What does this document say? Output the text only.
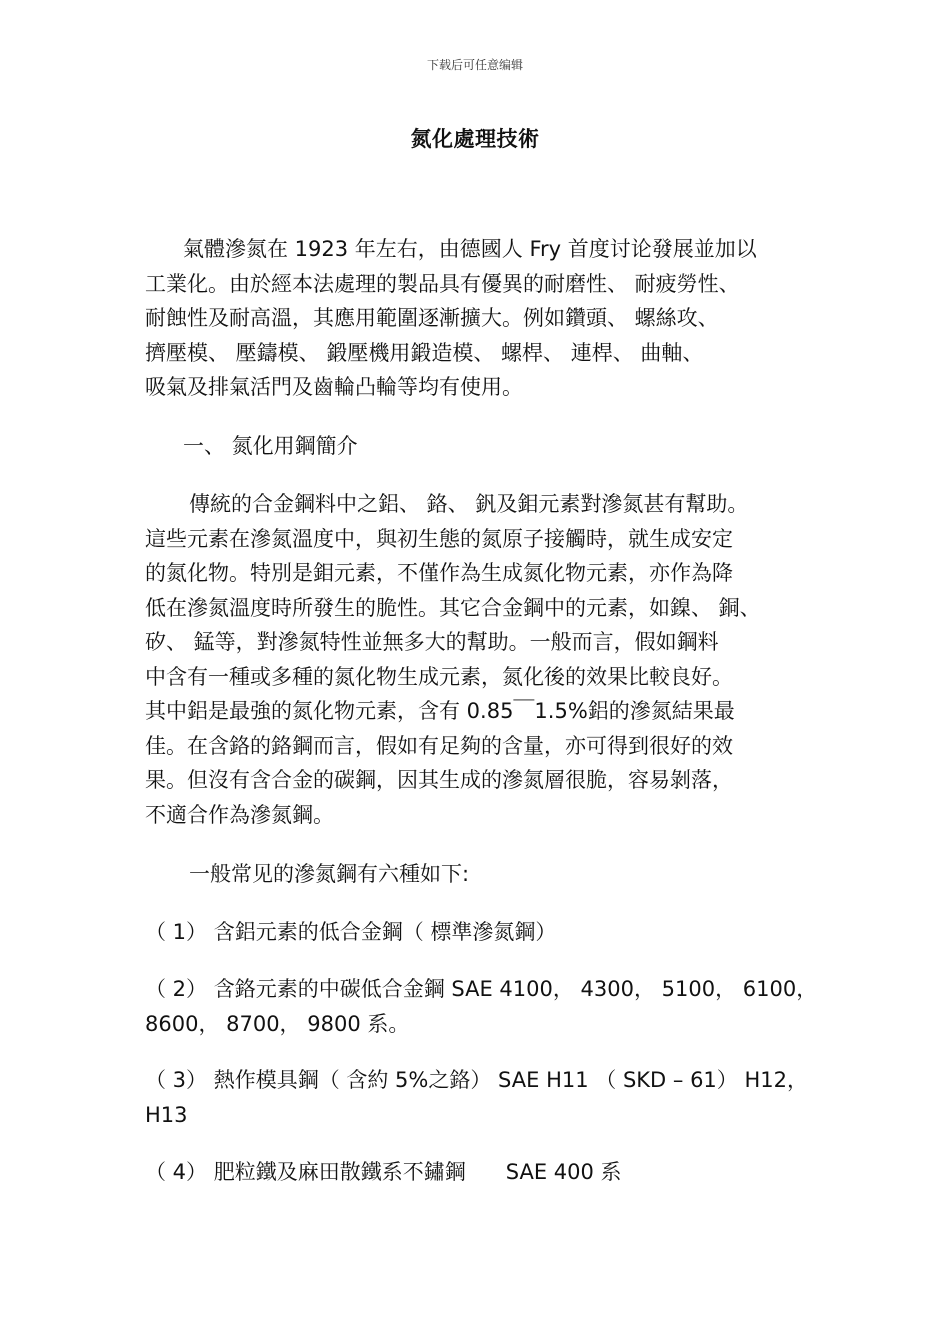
下载后可任意编辑
氮化處理技術
氣體滲氮在 1923 年左右，由德國人 Fry 首度讨论發展並加以
工業化。由於經本法處理的製品具有優異的耐磨性、 耐疲勞性、
耐蝕性及耐高溫，其應用範圍逐漸擴大。例如鑽頭、 螺絲攻、
擠壓模、 壓鑄模、 鍛壓機用鍛造模、 螺桿、 連桿、 曲軸、
吸氣及排氣活門及齒輪凸輪等均有使用。
一、 氮化用鋼簡介
傳統的合金鋼料中之鋁、 鉻、 釩及鉬元素對滲氮甚有幫助。
這些元素在滲氮溫度中，與初生態的氮原子接觸時，就生成安定
的氮化物。特別是鉬元素，不僅作為生成氮化物元素，亦作為降
低在滲氮溫度時所發生的脆性。其它合金鋼中的元素，如鎳、 銅、
矽、 錳等，對滲氮特性並無多大的幫助。一般而言，假如鋼料
中含有一種或多種的氮化物生成元素，氮化後的效果比較良好。
其中鋁是最強的氮化物元素，含有 0.85￣1.5%鋁的滲氮結果最
佳。在含鉻的鉻鋼而言，假如有足夠的含量，亦可得到很好的效
果。但沒有含合金的碳鋼，因其生成的滲氮層很脆，容易剝落，
不適合作為滲氮鋼。
一般常见的滲氮鋼有六種如下:
（ 1） 含鋁元素的低合金鋼（ 標準滲氮鋼）
（ 2） 含鉻元素的中碳低合金鋼 SAE 4100， 4300， 5100， 6100，
8600， 8700， 9800 系。
（ 3） 熱作模具鋼（ 含約 5%之鉻） SAE H11 （ SKD – 61） H12，
H13
（ 4） 肥粒鐵及麻田散鐵系不鏽鋼      SAE 400 系
